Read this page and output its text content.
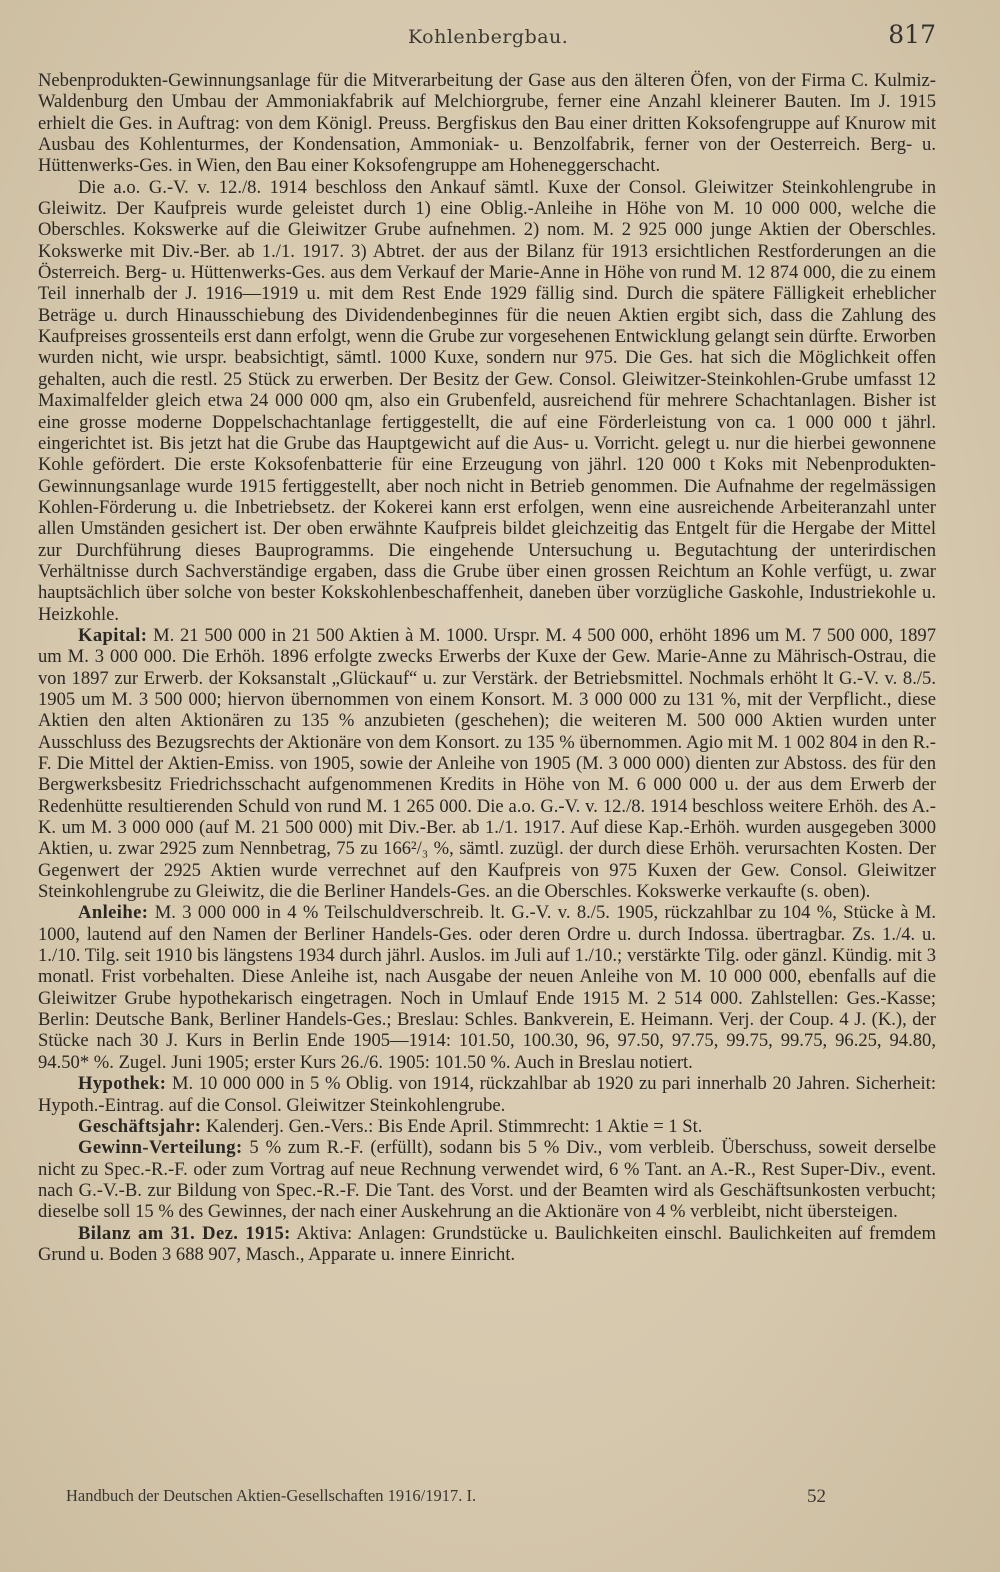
Kohlenbergbau.	817

Nebenprodukten-Gewinnungsanlage für die Mitverarbeitung der Gase aus den älteren Öfen, von der Firma C. Kulmiz-Waldenburg den Umbau der Ammoniakfabrik auf Melchiorgrube, ferner eine Anzahl kleinerer Bauten. Im J. 1915 erhielt die Ges. in Auftrag: von dem Königl. Preuss. Bergfiskus den Bau einer dritten Koksofengruppe auf Knurow mit Ausbau des Kohlenturmes, der Kondensation, Ammoniak- u. Benzolfabrik, ferner von der Oesterreich. Berg- u. Hüttenwerks-Ges. in Wien, den Bau einer Koksofengruppe am Hoheneggerschacht.

Die a.o. G.-V. v. 12./8. 1914 beschloss den Ankauf sämtl. Kuxe der Consol. Gleiwitzer Steinkohlengrube in Gleiwitz. Der Kaufpreis wurde geleistet durch 1) eine Oblig.-Anleihe in Höhe von M. 10 000 000, welche die Oberschles. Kokswerke auf die Gleiwitzer Grube aufnehmen. 2) nom. M. 2 925 000 junge Aktien der Oberschles. Kokswerke mit Div.-Ber. ab 1./1. 1917. 3) Abtret. der aus der Bilanz für 1913 ersichtlichen Restforderungen an die Österreich. Berg- u. Hüttenwerks-Ges. aus dem Verkauf der Marie-Anne in Höhe von rund M. 12 874 000, die zu einem Teil innerhalb der J. 1916—1919 u. mit dem Rest Ende 1929 fällig sind. Durch die spätere Fälligkeit erheblicher Beträge u. durch Hinausschiebung des Dividendenbeginnes für die neuen Aktien ergibt sich, dass die Zahlung des Kaufpreises grossenteils erst dann erfolgt, wenn die Grube zur vorgesehenen Entwicklung gelangt sein dürfte. Erworben wurden nicht, wie urspr. beabsichtigt, sämtl. 1000 Kuxe, sondern nur 975. Die Ges. hat sich die Möglichkeit offen gehalten, auch die restl. 25 Stück zu erwerben. Der Besitz der Gew. Consol. Gleiwitzer-Steinkohlen-Grube umfasst 12 Maximalfelder gleich etwa 24 000 000 qm, also ein Grubenfeld, ausreichend für mehrere Schachtanlagen. Bisher ist eine grosse moderne Doppelschachtanlage fertiggestellt, die auf eine Förderleistung von ca. 1 000 000 t jährl. eingerichtet ist. Bis jetzt hat die Grube das Hauptgewicht auf die Aus- u. Vorricht. gelegt u. nur die hierbei gewonnene Kohle gefördert. Die erste Koksofenbatterie für eine Erzeugung von jährl. 120 000 t Koks mit Nebenprodukten-Gewinnungsanlage wurde 1915 fertiggestellt, aber noch nicht in Betrieb genommen. Die Aufnahme der regelmässigen Kohlen-Förderung u. die Inbetriebsetz. der Kokerei kann erst erfolgen, wenn eine ausreichende Arbeiteranzahl unter allen Umständen gesichert ist. Der oben erwähnte Kaufpreis bildet gleichzeitig das Entgelt für die Hergabe der Mittel zur Durchführung dieses Bauprogramms. Die eingehende Untersuchung u. Begutachtung der unterirdischen Verhältnisse durch Sachverständige ergaben, dass die Grube über einen grossen Reichtum an Kohle verfügt, u. zwar hauptsächlich über solche von bester Kokskohlenbeschaffenheit, daneben über vorzügliche Gaskohle, Industriekohle u. Heizkohle.

Kapital: M. 21 500 000 in 21 500 Aktien à M. 1000. Urspr. M. 4 500 000, erhöht 1896 um M. 7 500 000, 1897 um M. 3 000 000. Die Erhöh. 1896 erfolgte zwecks Erwerbs der Kuxe der Gew. Marie-Anne zu Mährisch-Ostrau, die von 1897 zur Erwerb. der Koksanstalt „Glückauf“ u. zur Verstärk. der Betriebsmittel. Nochmals erhöht lt G.-V. v. 8./5. 1905 um M. 3 500 000; hiervon übernommen von einem Konsort. M. 3 000 000 zu 131 %, mit der Verpflicht., diese Aktien den alten Aktionären zu 135 % anzubieten (geschehen); die weiteren M. 500 000 Aktien wurden unter Ausschluss des Bezugsrechts der Aktionäre von dem Konsort. zu 135 % übernommen. Agio mit M. 1 002 804 in den R.-F. Die Mittel der Aktien-Emiss. von 1905, sowie der Anleihe von 1905 (M. 3 000 000) dienten zur Abstoss. des für den Bergwerksbesitz Friedrichsschacht aufgenommenen Kredits in Höhe von M. 6 000 000 u. der aus dem Erwerb der Redenhütte resultierenden Schuld von rund M. 1 265 000. Die a.o. G.-V. v. 12./8. 1914 beschloss weitere Erhöh. des A.-K. um M. 3 000 000 (auf M. 21 500 000) mit Div.-Ber. ab 1./1. 1917. Auf diese Kap.-Erhöh. wurden ausgegeben 3000 Aktien, u. zwar 2925 zum Nennbetrag, 75 zu 166²/₃ %, sämtl. zuzügl. der durch diese Erhöh. verursachten Kosten. Der Gegenwert der 2925 Aktien wurde verrechnet auf den Kaufpreis von 975 Kuxen der Gew. Consol. Gleiwitzer Steinkohlengrube zu Gleiwitz, die die Berliner Handels-Ges. an die Oberschles. Kokswerke verkaufte (s. oben).

Anleihe: M. 3 000 000 in 4 % Teilschuldverschreib. lt. G.-V. v. 8./5. 1905, rückzahlbar zu 104 %, Stücke à M. 1000, lautend auf den Namen der Berliner Handels-Ges. oder deren Ordre u. durch Indossa. übertragbar. Zs. 1./4. u. 1./10. Tilg. seit 1910 bis längstens 1934 durch jährl. Auslos. im Juli auf 1./10.; verstärkte Tilg. oder gänzl. Kündig. mit 3 monatl. Frist vorbehalten. Diese Anleihe ist, nach Ausgabe der neuen Anleihe von M. 10 000 000, ebenfalls auf die Gleiwitzer Grube hypothekarisch eingetragen. Noch in Umlauf Ende 1915 M. 2 514 000. Zahlstellen: Ges.-Kasse; Berlin: Deutsche Bank, Berliner Handels-Ges.; Breslau: Schles. Bankverein, E. Heimann. Verj. der Coup. 4 J. (K.), der Stücke nach 30 J. Kurs in Berlin Ende 1905—1914: 101.50, 100.30, 96, 97.50, 97.75, 99.75, 99.75, 96.25, 94.80, 94.50* %. Zugel. Juni 1905; erster Kurs 26./6. 1905: 101.50 %. Auch in Breslau notiert.

Hypothek: M. 10 000 000 in 5 % Oblig. von 1914, rückzahlbar ab 1920 zu pari innerhalb 20 Jahren. Sicherheit: Hypoth.-Eintrag. auf die Consol. Gleiwitzer Steinkohlengrube.

Geschäftsjahr: Kalenderj. Gen.-Vers.: Bis Ende April. Stimmrecht: 1 Aktie = 1 St.

Gewinn-Verteilung: 5 % zum R.-F. (erfüllt), sodann bis 5 % Div., vom verbleib. Überschuss, soweit derselbe nicht zu Spec.-R.-F. oder zum Vortrag auf neue Rechnung verwendet wird, 6 % Tant. an A.-R., Rest Super-Div., event. nach G.-V.-B. zur Bildung von Spec.-R.-F. Die Tant. des Vorst. und der Beamten wird als Geschäftsunkosten verbucht; dieselbe soll 15 % des Gewinnes, der nach einer Auskehrung an die Aktionäre von 4 % verbleibt, nicht übersteigen.

Bilanz am 31. Dez. 1915: Aktiva: Anlagen: Grundstücke u. Baulichkeiten einschl. Baulichkeiten auf fremdem Grund u. Boden 3 688 907, Masch., Apparate u. innere Einricht.

Handbuch der Deutschen Aktien-Gesellschaften 1916/1917. I.	52
